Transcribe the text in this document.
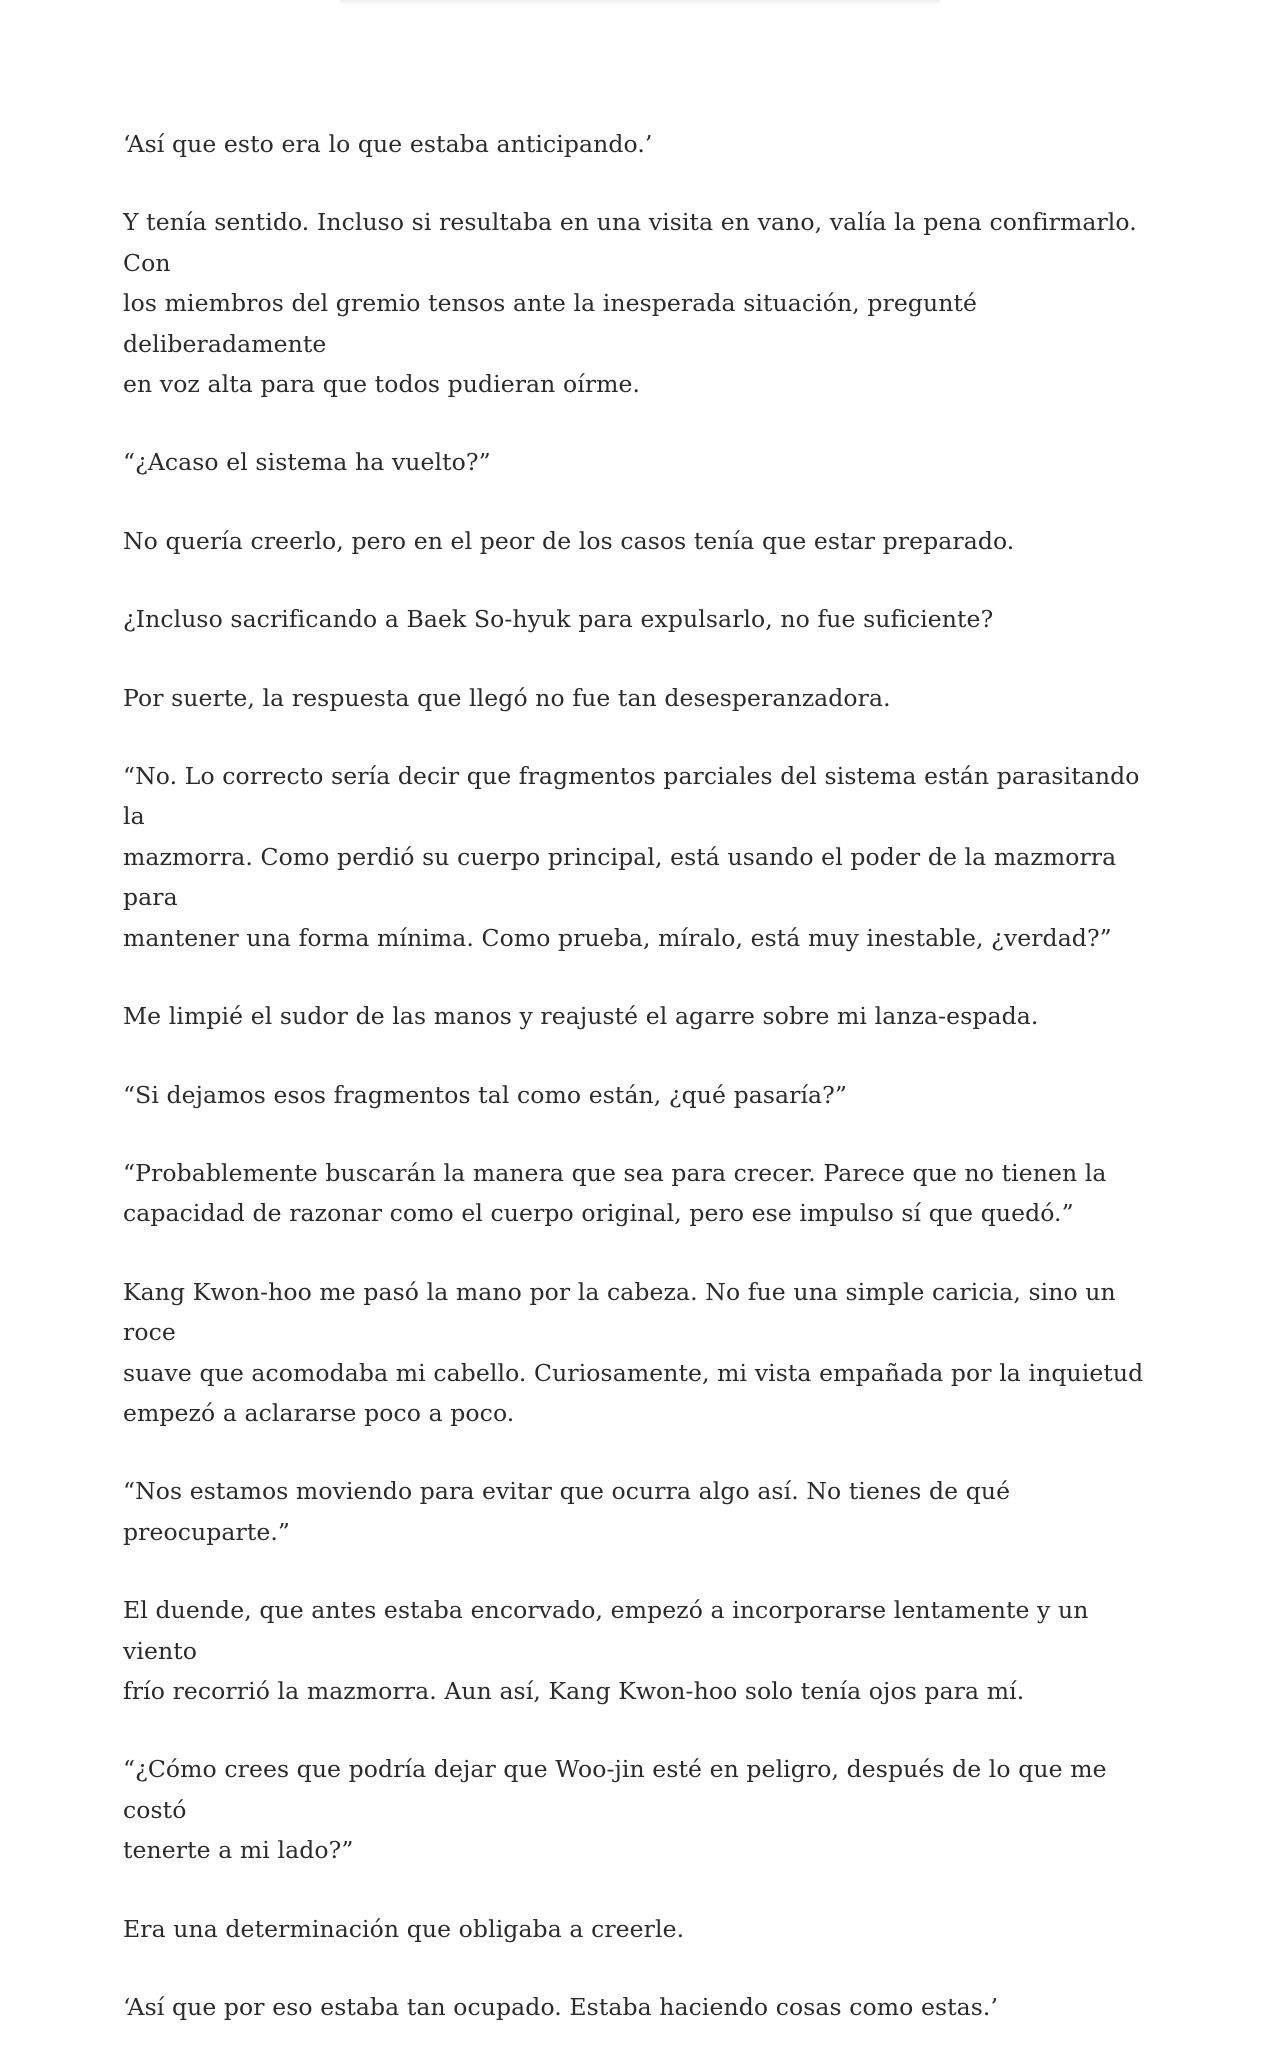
‘Así que esto era lo que estaba anticipando.’

Y tenía sentido. Incluso si resultaba en una visita en vano, valía la pena confirmarlo. Con
los miembros del gremio tensos ante la inesperada situación, pregunté deliberadamente
en voz alta para que todos pudieran oírme.

“¿Acaso el sistema ha vuelto?”

No quería creerlo, pero en el peor de los casos tenía que estar preparado.

¿Incluso sacrificando a Baek So-hyuk para expulsarlo, no fue suficiente?

Por suerte, la respuesta que llegó no fue tan desesperanzadora.

“No. Lo correcto sería decir que fragmentos parciales del sistema están parasitando la
mazmorra. Como perdió su cuerpo principal, está usando el poder de la mazmorra para
mantener una forma mínima. Como prueba, míralo, está muy inestable, ¿verdad?”

Me limpié el sudor de las manos y reajusté el agarre sobre mi lanza-espada.

“Si dejamos esos fragmentos tal como están, ¿qué pasaría?”

“Probablemente buscarán la manera que sea para crecer. Parece que no tienen la
capacidad de razonar como el cuerpo original, pero ese impulso sí que quedó.”

Kang Kwon-hoo me pasó la mano por la cabeza. No fue una simple caricia, sino un roce
suave que acomodaba mi cabello. Curiosamente, mi vista empañada por la inquietud
empezó a aclararse poco a poco.

“Nos estamos moviendo para evitar que ocurra algo así. No tienes de qué preocuparte.”

El duende, que antes estaba encorvado, empezó a incorporarse lentamente y un viento
frío recorrió la mazmorra. Aun así, Kang Kwon-hoo solo tenía ojos para mí.

“¿Cómo crees que podría dejar que Woo-jin esté en peligro, después de lo que me costó
tenerte a mi lado?”

Era una determinación que obligaba a creerle.

‘Así que por eso estaba tan ocupado. Estaba haciendo cosas como estas.’
